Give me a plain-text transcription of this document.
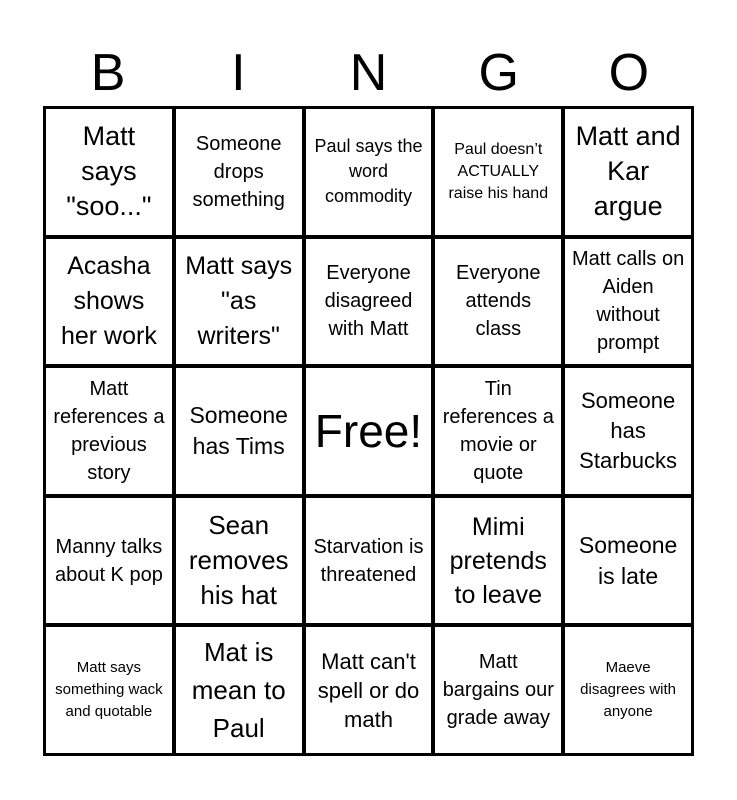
B	I	N	G	O
Matt says "soo..."
Someone drops something
Paul says the word commodity
Paul doesn’t ACTUALLY raise his hand
Matt and Kar argue
Acasha shows her work
Matt says "as writers"
Everyone disagreed with Matt
Everyone attends class
Matt calls on Aiden without prompt
Matt references a previous story
Someone has Tims Free!
Tin references a movie or quote
Someone has Starbucks
Manny talks about K pop
Sean removes his hat
Starvation is threatened
Mimi pretends to leave
Someone is late
Matt says something wack and quotable
Mat is mean to Paul
Matt can't spell or do math
Matt bargains our grade away
Maeve disagrees with anyone
